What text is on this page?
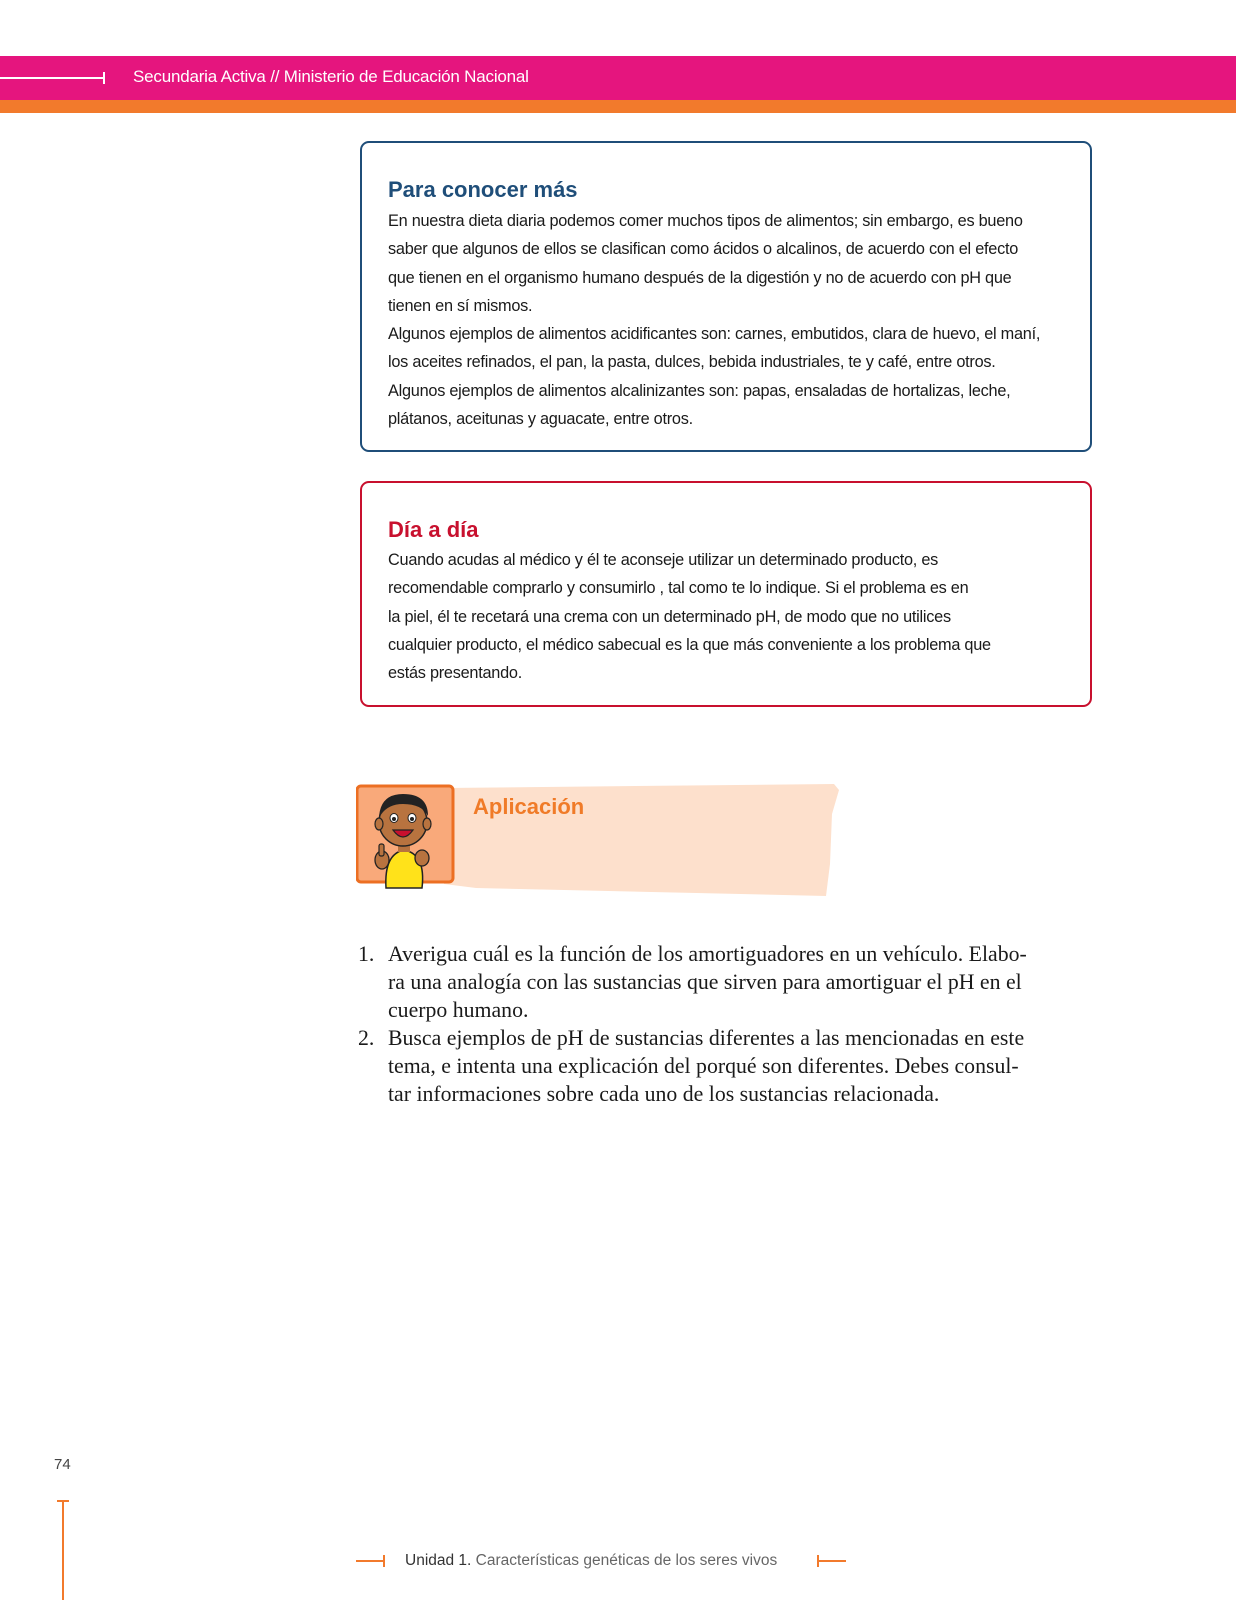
Secundaria Activa // Ministerio de Educación Nacional
Para conocer más

En nuestra dieta diaria podemos comer muchos tipos de alimentos; sin embargo, es bueno

saber que algunos de ellos se clasifican como ácidos o alcalinos, de acuerdo con el efecto

que tienen en el organismo humano después de la digestión y no de acuerdo con pH que

tienen en sí mismos.

Algunos ejemplos de alimentos acidificantes son: carnes, embutidos, clara de huevo, el maní,

los aceites refinados, el pan, la pasta, dulces, bebida industriales, te y café, entre otros.

Algunos ejemplos de alimentos alcalinizantes son: papas, ensaladas de hortalizas, leche,

plátanos, aceitunas y aguacate, entre otros.

Día a día

Cuando acudas al médico y él te aconseje utilizar un determinado producto, es

recomendable comprarlo y consumirlo , tal como te lo indique. Si el problema es en

la piel, él te recetará una crema con un determinado pH, de modo que no utilices

cualquier producto, el médico sabecual es la que más conveniente a los problema que

estás presentando.

Aplicación
1. Averigua cuál es la función de los amortiguadores en un vehículo. Elabo-
ra una analogía con las sustancias que sirven para amortiguar el pH en el
cuerpo humano.
2. Busca ejemplos de pH de sustancias diferentes a las mencionadas en este
tema, e intenta una explicación del porqué son diferentes. Debes consul-
tar informaciones sobre cada uno de los sustancias relacionada.
74
Unidad 1. Características genéticas de los seres vivos
